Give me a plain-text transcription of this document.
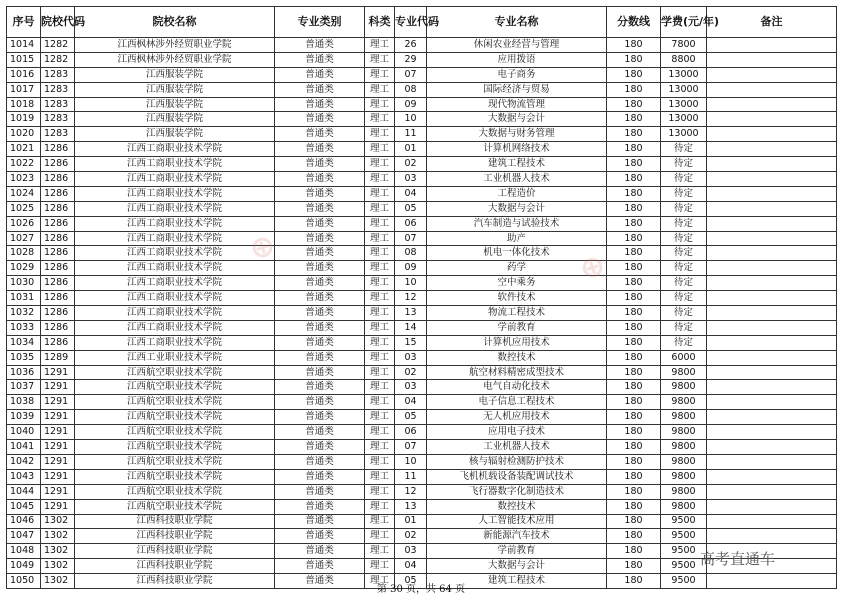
序号	院校代码	院校名称	专业类别	科类	专业代码	专业名称	分数线	学费(元/年)	备注
1014	1282	江西枫林涉外经贸职业学院	普通类	理工	26	休闲农业经营与管理	180	7800	
1015	1282	江西枫林涉外经贸职业学院	普通类	理工	29	应用拨语	180	8800	
1016	1283	江西服装学院	普通类	理工	07	电子商务	180	13000	
1017	1283	江西服装学院	普通类	理工	08	国际经济与贸易	180	13000	
1018	1283	江西服装学院	普通类	理工	09	现代物流管理	180	13000	
1019	1283	江西服装学院	普通类	理工	10	大数据与会计	180	13000	
1020	1283	江西服装学院	普通类	理工	11	大数据与财务管理	180	13000	
1021	1286	江西工商职业技术学院	普通类	理工	01	计算机网络技术	180	待定	
1022	1286	江西工商职业技术学院	普通类	理工	02	建筑工程技术	180	待定	
1023	1286	江西工商职业技术学院	普通类	理工	03	工业机器人技术	180	待定	
1024	1286	江西工商职业技术学院	普通类	理工	04	工程造价	180	待定	
1025	1286	江西工商职业技术学院	普通类	理工	05	大数据与会计	180	待定	
1026	1286	江西工商职业技术学院	普通类	理工	06	汽车制造与试验技术	180	待定	
1027	1286	江西工商职业技术学院	普通类	理工	07	助产	180	待定	
1028	1286	江西工商职业技术学院	普通类	理工	08	机电一体化技术	180	待定	
1029	1286	江西工商职业技术学院	普通类	理工	09	药学	180	待定	
1030	1286	江西工商职业技术学院	普通类	理工	10	空中乘务	180	待定	
1031	1286	江西工商职业技术学院	普通类	理工	12	软件技术	180	待定	
1032	1286	江西工商职业技术学院	普通类	理工	13	物流工程技术	180	待定	
1033	1286	江西工商职业技术学院	普通类	理工	14	学前教育	180	待定	
1034	1286	江西工商职业技术学院	普通类	理工	15	计算机应用技术	180	待定	
1035	1289	江西工业职业技术学院	普通类	理工	03	数控技术	180	6000	
1036	1291	江西航空职业技术学院	普通类	理工	02	航空材料精密成型技术	180	9800	
1037	1291	江西航空职业技术学院	普通类	理工	03	电气自动化技术	180	9800	
1038	1291	江西航空职业技术学院	普通类	理工	04	电子信息工程技术	180	9800	
1039	1291	江西航空职业技术学院	普通类	理工	05	无人机应用技术	180	9800	
1040	1291	江西航空职业技术学院	普通类	理工	06	应用电子技术	180	9800	
1041	1291	江西航空职业技术学院	普通类	理工	07	工业机器人技术	180	9800	
1042	1291	江西航空职业技术学院	普通类	理工	10	核与辐射检测防护技术	180	9800	
1043	1291	江西航空职业技术学院	普通类	理工	11	飞机机载设备装配调试技术	180	9800	
1044	1291	江西航空职业技术学院	普通类	理工	12	飞行器数字化制造技术	180	9800	
1045	1291	江西航空职业技术学院	普通类	理工	13	数控技术	180	9800	
1046	1302	江西科技职业学院	普通类	理工	01	人工智能技术应用	180	9500	
1047	1302	江西科技职业学院	普通类	理工	02	新能源汽车技术	180	9500	
1048	1302	江西科技职业学院	普通类	理工	03	学前教育	180	9500	
1049	1302	江西科技职业学院	普通类	理工	04	大数据与会计	180	9500	
1050	1302	江西科技职业学院	普通类	理工	05	建筑工程技术	180	9500	
⊕	⊕
高考直通车
第 30 页，共 64 页
